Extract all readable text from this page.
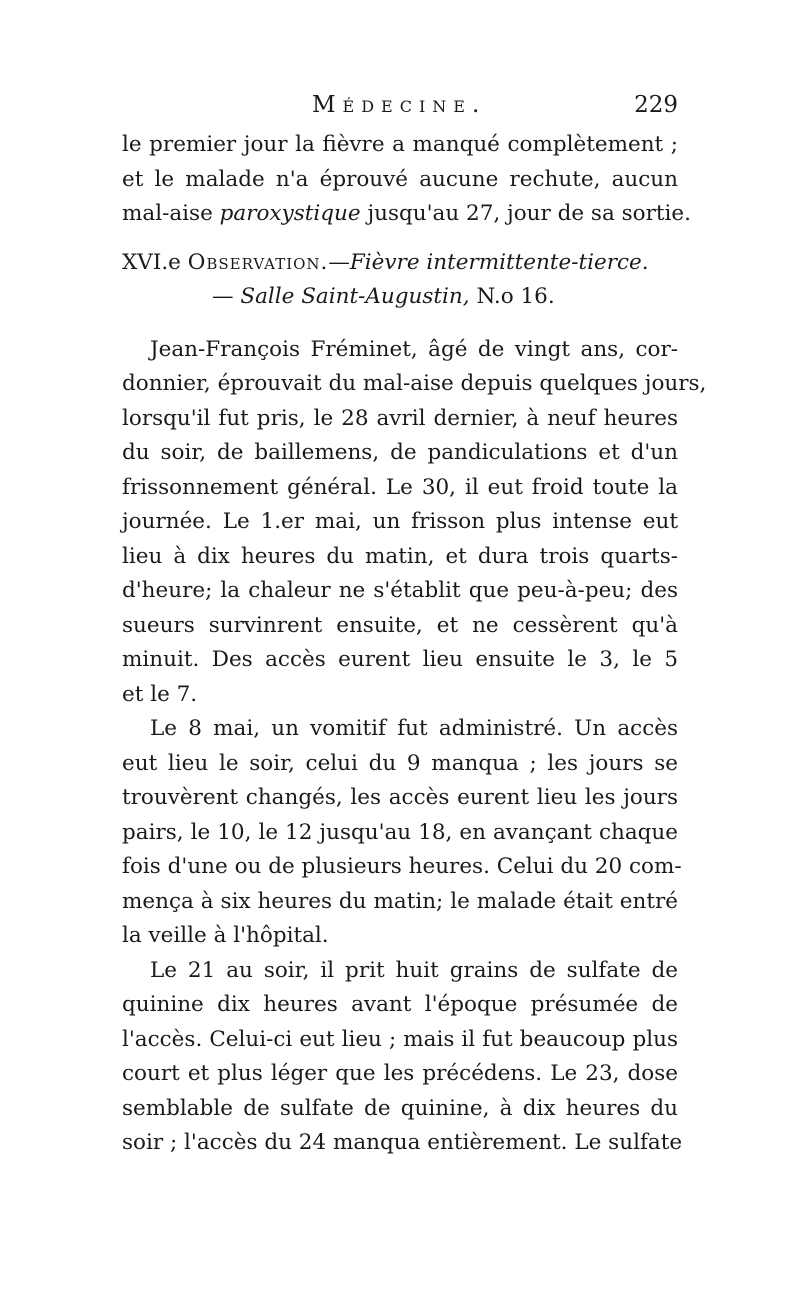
Médecine.	229
le premier jour la fièvre a manqué complètement ;
et le malade n'a éprouvé aucune rechute, aucun
mal-aise paroxystique jusqu'au 27, jour de sa sortie.
XVI.e Observation.—Fièvre intermittente-tierce.
— Salle Saint-Augustin, N.o 16.
Jean-François Fréminet, âgé de vingt ans, cor-
donnier, éprouvait du mal-aise depuis quelques jours,
lorsqu'il fut pris, le 28 avril dernier, à neuf heures
du soir, de baillemens, de pandiculations et d'un
frissonnement général. Le 30, il eut froid toute la
journée. Le 1.er mai, un frisson plus intense eut
lieu à dix heures du matin, et dura trois quarts-
d'heure; la chaleur ne s'établit que peu-à-peu; des
sueurs survinrent ensuite, et ne cessèrent qu'à
minuit. Des accès eurent lieu ensuite le 3, le 5
et le 7.
Le 8 mai, un vomitif fut administré. Un accès
eut lieu le soir, celui du 9 manqua ; les jours se
trouvèrent changés, les accès eurent lieu les jours
pairs, le 10, le 12 jusqu'au 18, en avançant chaque
fois d'une ou de plusieurs heures. Celui du 20 com-
mença à six heures du matin; le malade était entré
la veille à l'hôpital.
Le 21 au soir, il prit huit grains de sulfate de
quinine dix heures avant l'époque présumée de
l'accès. Celui-ci eut lieu ; mais il fut beaucoup plus
court et plus léger que les précédens. Le 23, dose
semblable de sulfate de quinine, à dix heures du
soir ; l'accès du 24 manqua entièrement. Le sulfate
